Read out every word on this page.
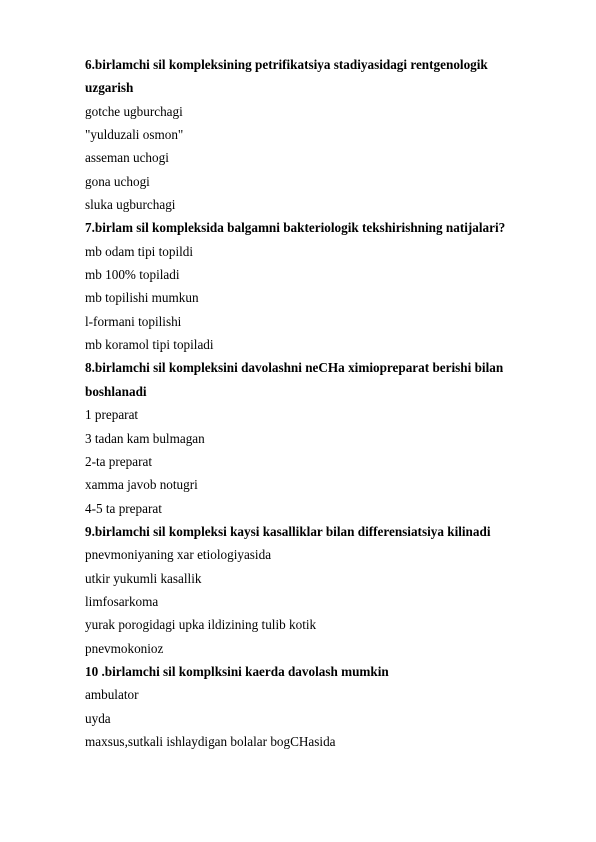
6.birlamchi sil kompleksining petrifikatsiya stadiyasidagi rentgenologik
uzgarish
gotche ugburchagi
"yulduzali osmon"
asseman uchogi
gona uchogi
sluka ugburchagi
7.birlam sil kompleksida balgamni bakteriologik tekshirishning natijalari?
mb odam tipi topildi
mb 100% topiladi
mb topilishi mumkun
l-formani topilishi
mb koramol tipi topiladi
8.birlamchi sil kompleksini davolashni neCHa ximiopreparat berishi bilan
boshlanadi
1 preparat
3 tadan kam bulmagan
2-ta preparat
xamma javob notugri
4-5 ta preparat
9.birlamchi sil kompleksi kaysi kasalliklar bilan differensiatsiya kilinadi
pnevmoniyaning xar etiologiyasida
utkir yukumli kasallik
limfosarkoma
yurak porogidagi upka ildizining tulib kotik
pnevmokonioz
10 .birlamchi sil komplksini kaerda davolash mumkin
ambulator
uyda
maxsus,sutkali ishlaydigan bolalar bogCHasida
